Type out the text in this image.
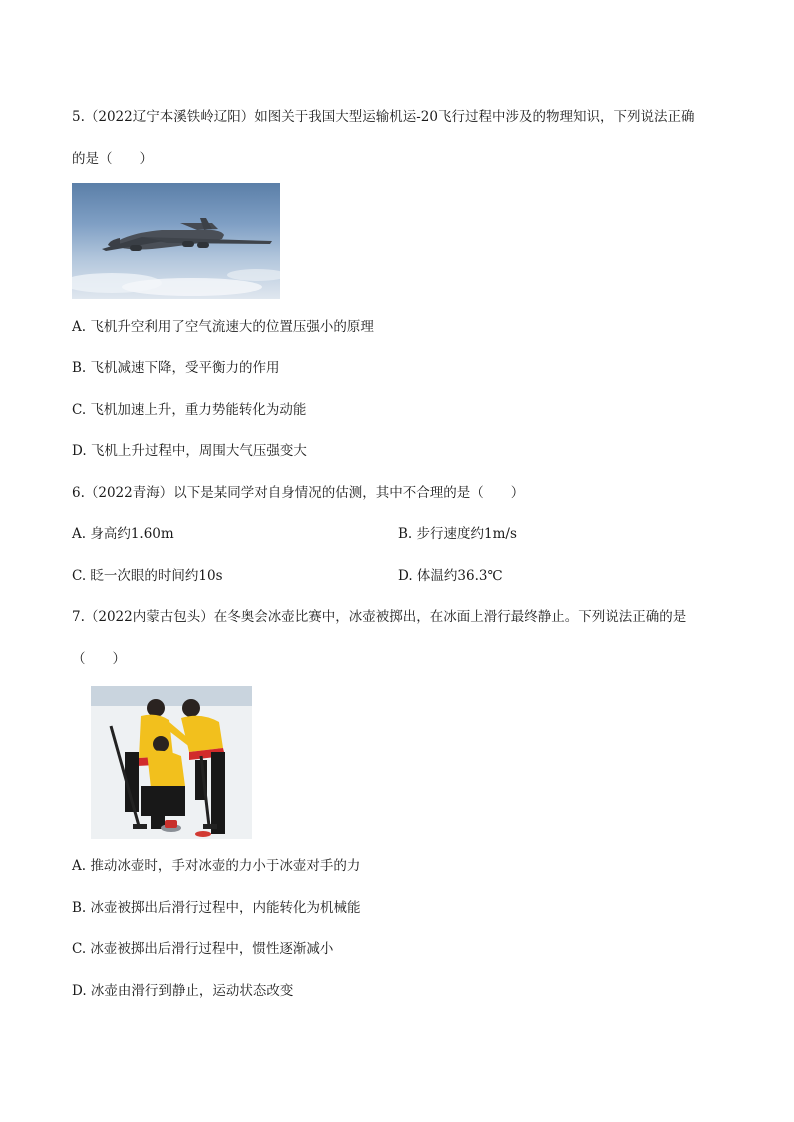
5.（2022辽宁本溪铁岭辽阳）如图关于我国大型运输机运-20飞行过程中涉及的物理知识，下列说法正确
的是（　　）
A. 飞机升空利用了空气流速大的位置压强小的原理
B. 飞机减速下降，受平衡力的作用
C. 飞机加速上升，重力势能转化为动能
D. 飞机上升过程中，周围大气压强变大
6.（2022青海）以下是某同学对自身情况的估测，其中不合理的是（　　）
A. 身高约1.60m	B. 步行速度约1m/s
C. 眨一次眼的时间约10s	D. 体温约36.3℃
7.（2022内蒙古包头）在冬奥会冰壶比赛中，冰壶被掷出，在冰面上滑行最终静止。下列说法正确的是
（　　）
A. 推动冰壶时，手对冰壶的力小于冰壶对手的力
B. 冰壶被掷出后滑行过程中，内能转化为机械能
C. 冰壶被掷出后滑行过程中，惯性逐渐减小
D. 冰壶由滑行到静止，运动状态改变
